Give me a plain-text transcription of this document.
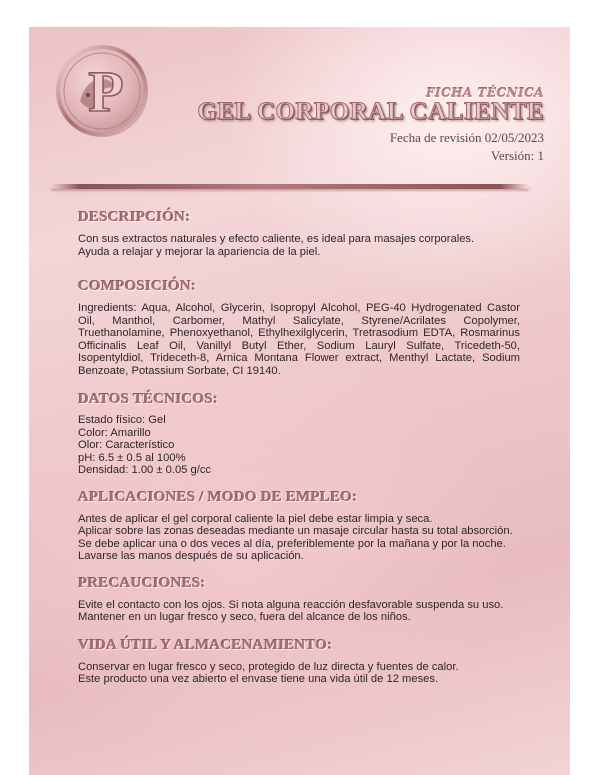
P	FICHA TÉCNICA
GEL CORPORAL CALIENTE
Fecha de revisión 02/05/2023
Versión: 1
DESCRIPCIÓN:

Con sus extractos naturales y efecto caliente, es ideal para masajes corporales.
Ayuda a relajar y mejorar la apariencia de la piel.

COMPOSICIÓN:

Ingredients: Aqua, Alcohol, Glycerin, Isopropyl Alcohol, PEG-40 Hydrogenated Castor Oil, Manthol, Carbomer, Mathyl Salicylate, Styrene/Acrilates Copolymer, Truethanolamine, Phenoxyethanol, Ethylhexilglycerin, Tretrasodium EDTA, Rosmarinus Officinalis Leaf Oil, Vanillyl Butyl Ether, Sodium Lauryl Sulfate, Tricedeth-50, Isopentyldiol, Trideceth-8, Arnica Montana Flower extract, Menthyl Lactate, Sodium Benzoate, Potassium Sorbate, CI 19140.

DATOS TÉCNICOS:

Estado físico: Gel
Color: Amarillo
Olor: Característico
pH: 6.5 ± 0.5 al 100%
Densidad: 1.00 ± 0.05 g/cc

APLICACIONES / MODO DE EMPLEO:

Antes de aplicar el gel corporal caliente la piel debe estar limpia y seca.
Aplicar sobre las zonas deseadas mediante un masaje circular hasta su total absorción.
Se debe aplicar una o dos veces al día, preferiblemente por la mañana y por la noche.
Lavarse las manos después de su aplicación.

PRECAUCIONES:

Evite el contacto con los ojos. Si nota alguna reacción desfavorable suspenda su uso.
Mantener en un lugar fresco y seco, fuera del alcance de los niños.

VIDA ÚTIL Y ALMACENAMIENTO:

Conservar en lugar fresco y seco, protegido de luz directa y fuentes de calor.
Este producto una vez abierto el envase tiene una vida útil de 12 meses.
